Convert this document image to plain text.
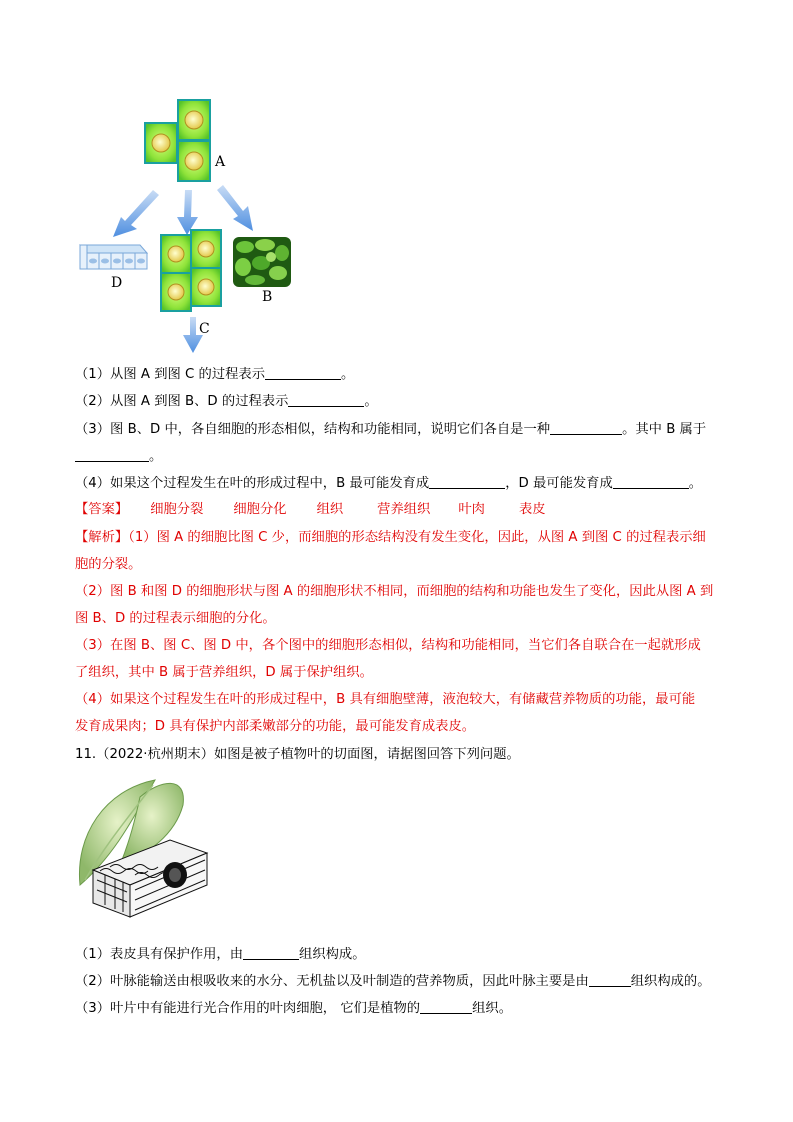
A
D
B
C
（1）从图 A 到图 C 的过程表示	。
（2）从图 A 到图 B、D 的过程表示	。
（3）图 B、D 中，各自细胞的形态相似，结构和功能相同，说明它们各自是一种	。其中 B 属于
。
（4）如果这个过程发生在叶的形成过程中，B 最可能发育成	，D 最可能发育成	。
【答案】 细胞分裂 细胞分化 组织	营养组织 叶肉	表皮
【解析】（1）图 A 的细胞比图 C 少，而细胞的形态结构没有发生变化，因此，从图 A 到图 C 的过程表示细
胞的分裂。
（2）图 B 和图 D 的细胞形状与图 A 的细胞形状不相同，而细胞的结构和功能也发生了变化，因此从图 A 到
图 B、D 的过程表示细胞的分化。
（3）在图 B、图 C、图 D 中，各个图中的细胞形态相似，结构和功能相同，当它们各自联合在一起就形成
了组织，其中 B 属于营养组织，D 属于保护组织。
（4）如果这个过程发生在叶的形成过程中，B 具有细胞壁薄，液泡较大，有储藏营养物质的功能，最可能
发育成果肉；D 具有保护内部柔嫩部分的功能，最可能发育成表皮。
11.（2022·杭州期末）如图是被子植物叶的切面图，请据图回答下列问题。
（1）表皮具有保护作用，由	组织构成。
（2）叶脉能输送由根吸收来的水分、无机盐以及叶制造的营养物质，因此叶脉主要是由	组织构成的。
（3）叶片中有能进行光合作用的叶肉细胞， 它们是植物的	组织。
